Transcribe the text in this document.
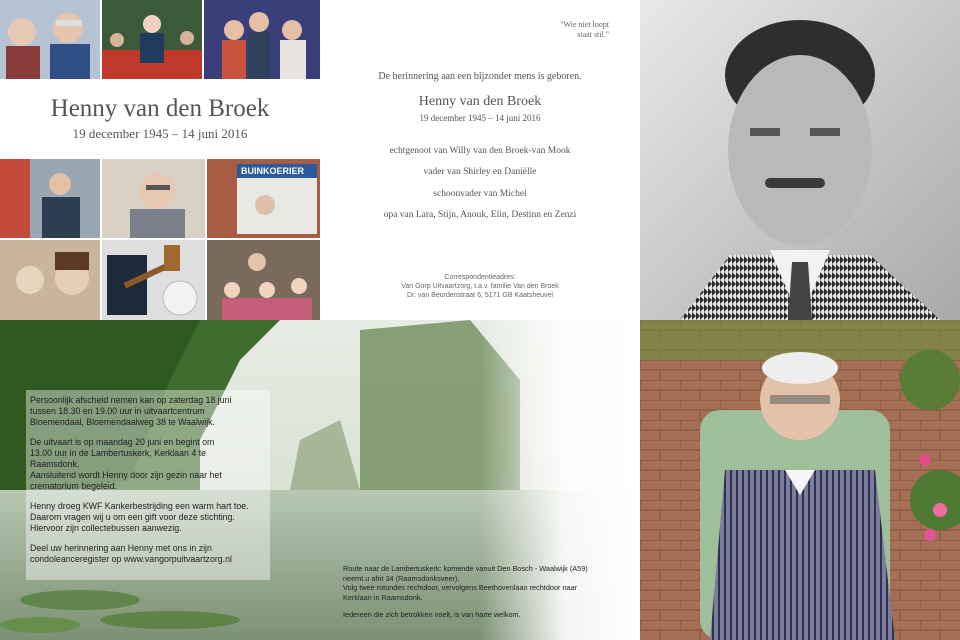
Henny van den Broek
19 december 1945 – 14 juni 2016
BUINKOERIER
"Wie niet loopt
staat stil."
De herinnering aan een bijzonder mens is geboren.
Henny van den Broek
19 december 1945 – 14 juni 2016
echtgenoot van Willy van den Broek-van Mook
vader van Shirley en Daniëlle
schoonvader van Michel
opa van Lara, Stijn, Anouk, Elin, Destinn en Zenzi
Correspondentieadres:
Van Gorp Uitvaartzorg, t.a.v. familie Van den Broek
Dr. van Beurdenstraat 6, 5171 GB Kaatsheuvel

Persoonlijk afscheid nemen kan op zaterdag 18 juni
tussen 18.30 en 19.00 uur in uitvaartcentrum
Bloemendaal, Bloemendaalweg 38 te Waalwijk.

De uitvaart is op maandag 20 juni en begint om
13.00 uur in de Lambertuskerk, Kerklaan 4 te
Raamsdonk.
Aansluitend wordt Henny door zijn gezin naar het
crematorium begeleid.

Henny droeg KWF Kankerbestrijding een warm hart toe.
Daarom vragen wij u om een gift voor deze stichting.
Hiervoor zijn collectebussen aanwezig.

Deel uw herinnering aan Henny met ons in zijn
condoleanceregister op www.vangorpuitvaartzorg.nl

Route naar de Lambertuskerk: komende vanuit Den Bosch - Waalwijk (A59)
neemt u afrit 34 (Raamsdonksveer).
Volg twee rotondes rechtdoor, vervolgens Beethovenlaan rechtdoor naar
Kerklaan in Raamsdonk.

Iedereen die zich betrokken voelt, is van harte welkom.
